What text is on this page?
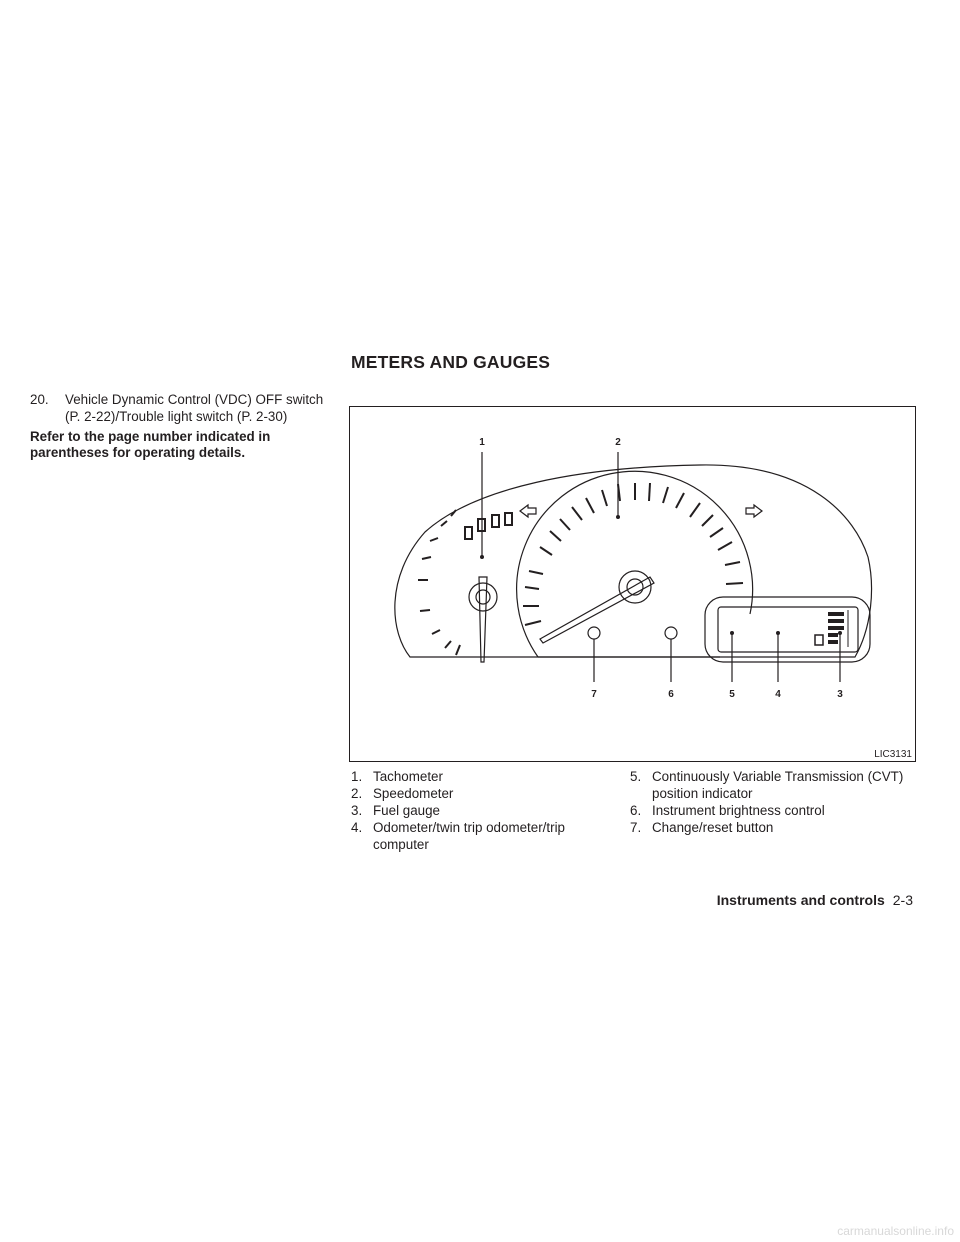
METERS AND GAUGES
20. Vehicle Dynamic Control (VDC) OFF switch (P. 2-22)/Trouble light switch (P. 2-30)
Refer to the page number indicated in parentheses for operating details.
1	2
3
4
5
6
7
LIC3131
1. Tachometer
2. Speedometer
3. Fuel gauge
4. Odometer/twin trip odometer/trip computer
5. Continuously Variable Transmission (CVT) position indicator
6. Instrument brightness control
7. Change/reset button
Instruments and controls 2-3
carmanualsonline.info
